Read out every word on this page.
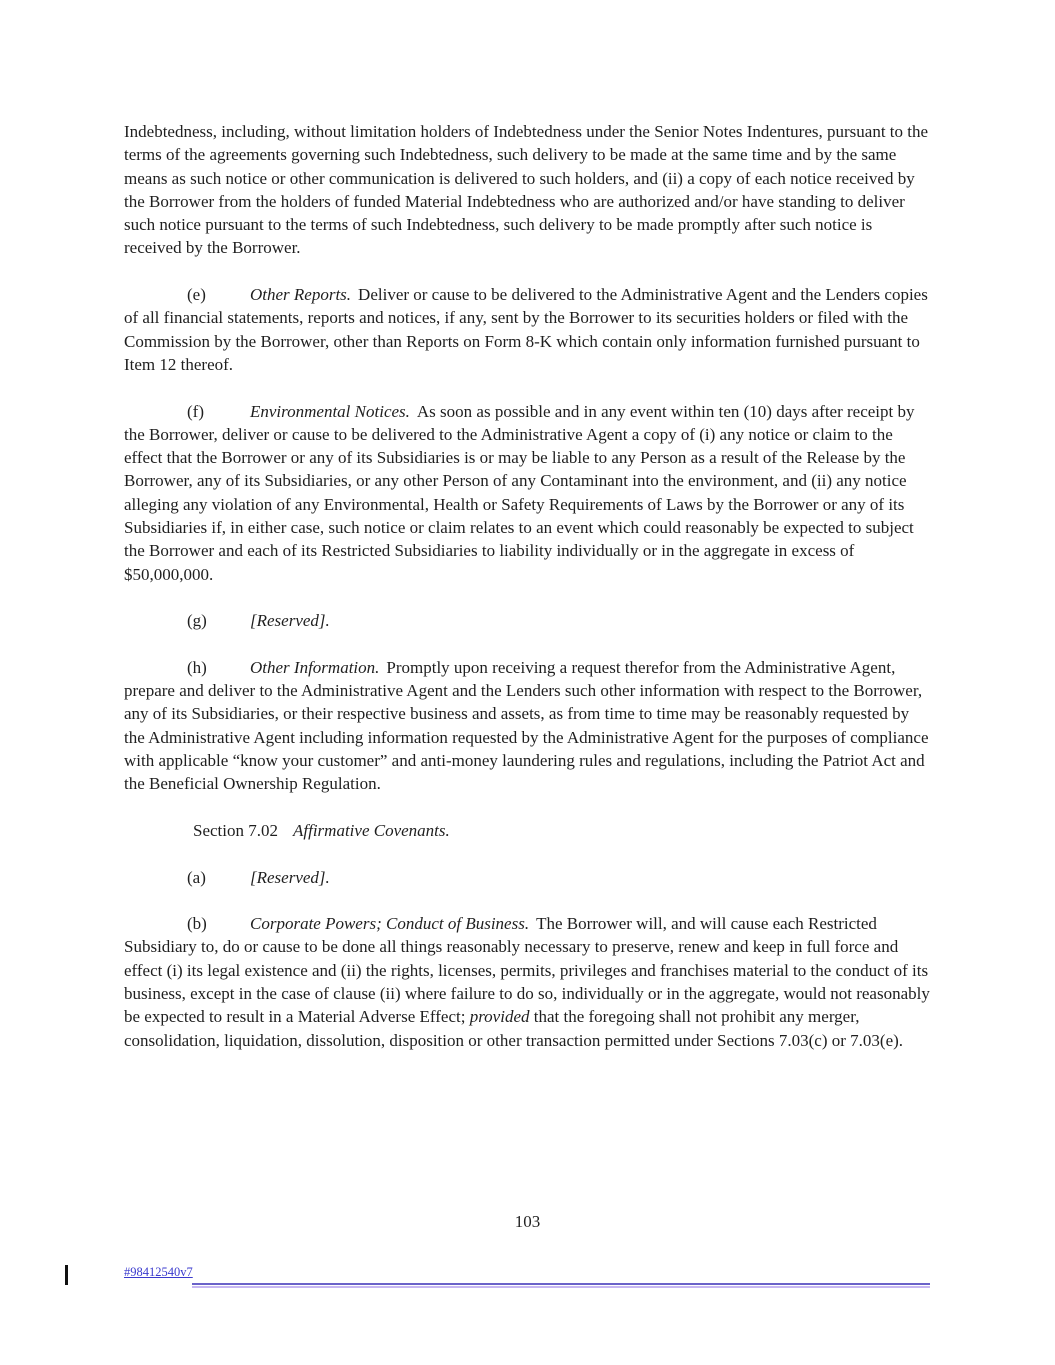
Indebtedness, including, without limitation holders of Indebtedness under the Senior Notes Indentures, pursuant to the terms of the agreements governing such Indebtedness, such delivery to be made at the same time and by the same means as such notice or other communication is delivered to such holders, and (ii) a copy of each notice received by the Borrower from the holders of funded Material Indebtedness who are authorized and/or have standing to deliver such notice pursuant to the terms of such Indebtedness, such delivery to be made promptly after such notice is received by the Borrower.

(e)	Other Reports. Deliver or cause to be delivered to the Administrative Agent and the Lenders copies of all financial statements, reports and notices, if any, sent by the Borrower to its securities holders or filed with the Commission by the Borrower, other than Reports on Form 8-K which contain only information furnished pursuant to Item 12 thereof.

(f)	Environmental Notices. As soon as possible and in any event within ten (10) days after receipt by the Borrower, deliver or cause to be delivered to the Administrative Agent a copy of (i) any notice or claim to the effect that the Borrower or any of its Subsidiaries is or may be liable to any Person as a result of the Release by the Borrower, any of its Subsidiaries, or any other Person of any Contaminant into the environment, and (ii) any notice alleging any violation of any Environmental, Health or Safety Requirements of Laws by the Borrower or any of its Subsidiaries if, in either case, such notice or claim relates to an event which could reasonably be expected to subject the Borrower and each of its Restricted Subsidiaries to liability individually or in the aggregate in excess of $50,000,000.

(g)	[Reserved].

(h)	Other Information. Promptly upon receiving a request therefor from the Administrative Agent, prepare and deliver to the Administrative Agent and the Lenders such other information with respect to the Borrower, any of its Subsidiaries, or their respective business and assets, as from time to time may be reasonably requested by the Administrative Agent including information requested by the Administrative Agent for the purposes of compliance with applicable “know your customer” and anti-money laundering rules and regulations, including the Patriot Act and the Beneficial Ownership Regulation.

Section 7.02 Affirmative Covenants.

(a)	[Reserved].

(b)	Corporate Powers; Conduct of Business. The Borrower will, and will cause each Restricted Subsidiary to, do or cause to be done all things reasonably necessary to preserve, renew and keep in full force and effect (i) its legal existence and (ii) the rights, licenses, permits, privileges and franchises material to the conduct of its business, except in the case of clause (ii) where failure to do so, individually or in the aggregate, would not reasonably be expected to result in a Material Adverse Effect; provided that the foregoing shall not prohibit any merger, consolidation, liquidation, dissolution, disposition or other transaction permitted under Sections 7.03(c) or 7.03(e).

103
#98412540v7
